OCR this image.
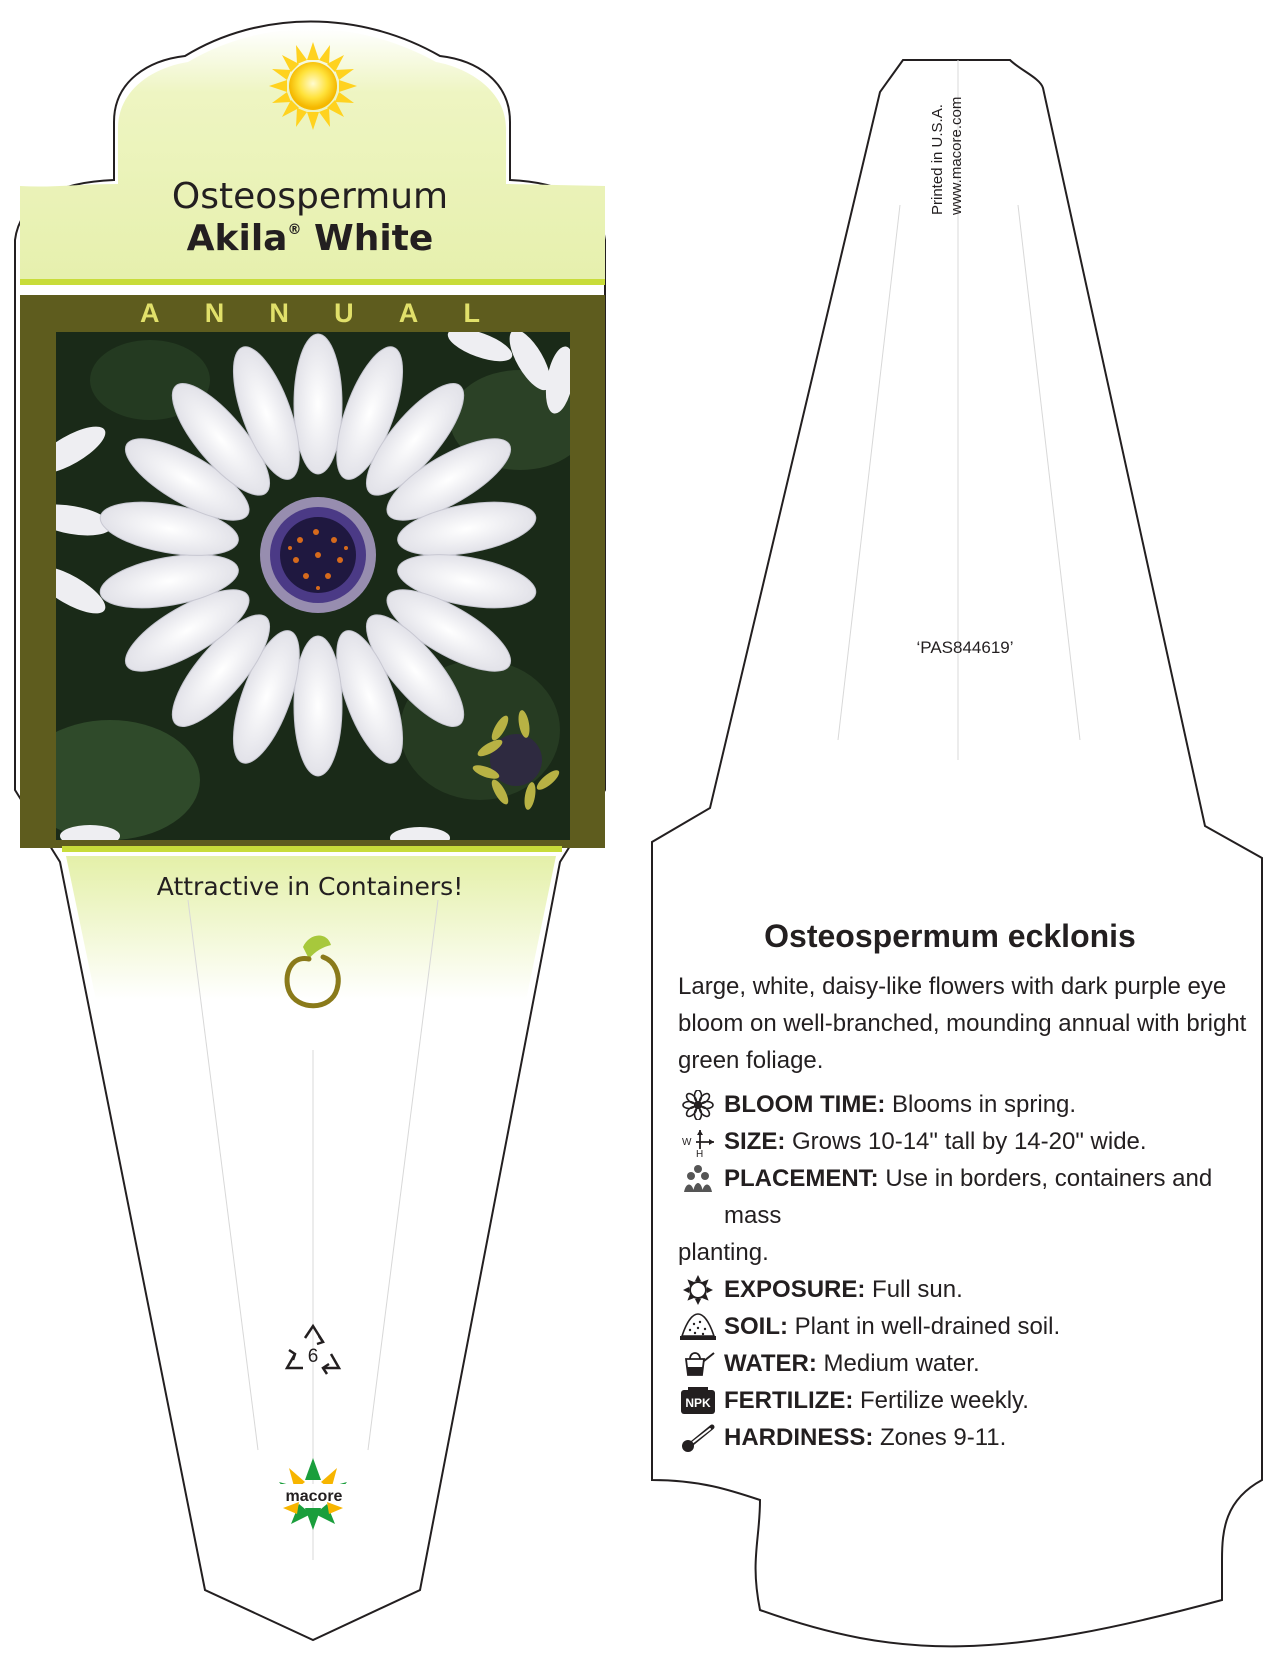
Osteospermum
Akila® White
A N N U A L
Attractive in Containers!
6
macore
Printed in U.S.A. www.macore.com
‘PAS844619’
Osteospermum ecklonis
Large, white, daisy-like flowers with dark purple eye bloom on well-branched, mounding annual with bright green foliage.
BLOOM TIME: Blooms in spring.
W
H SIZE: Grows 10-14" tall by 14-20" wide.
PLACEMENT: Use in borders, containers and mass
planting.
EXPOSURE: Full sun.
SOIL: Plant in well-drained soil.
WATER: Medium water.
NPK FERTILIZE: Fertilize weekly.
HARDINESS: Zones 9-11.
